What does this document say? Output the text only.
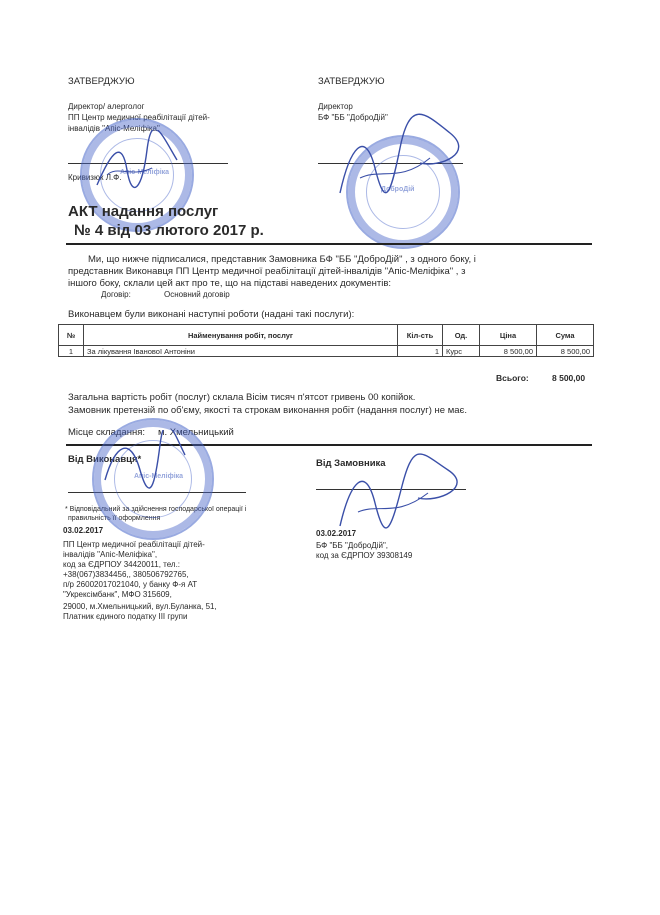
ЗАТВЕРДЖУЮ
Директор/ алерголог
ПП Центр медичної реабілітації дітей-
інвалідів "Апіс-Меліфіка"
Кривизюк Л.Ф.
ЗАТВЕРДЖУЮ
Директор
БФ "ББ "ДоброДій"
Апіс-Меліфіка
ДоброДій
АКТ надання послуг
№ 4 від 03 лютого 2017 р.
Ми, що нижче підписалися, представник Замовника БФ "ББ "ДоброДій" , з одного боку, і
представник Виконавця ПП Центр медичної реабілітації дітей-інвалідів "Апіс-Меліфіка" , з
іншого боку, склали цей акт про те, що на підставі наведених документів:
Договір:	Основний договір
Виконавцем були виконані наступні роботи (надані такі послуги):
№	Найменування робіт, послуг	Кіл-сть	Од.	Ціна	Сума
1	За лікування Іванової Антоніни	1	Курс	8 500,00	8 500,00
Всього:	8 500,00
Загальна вартість робіт (послуг) склала Вісім тисяч п'ятсот гривень 00 копійок.
Замовник претензій по об'єму, якості та строкам виконання робіт (надання послуг) не має.
Місце складання: м. Хмельницький
Від Виконавця*
* Відповідальний за здійснення господарської операції і
правильність її оформлення
03.02.2017
ПП Центр медичної реабілітації дітей-
інвалідів "Апіс-Меліфіка",
код за ЄДРПОУ 34420011, тел.:
+38(067)3834456,, 380506792765,
п/р 26002017021040, у банку Ф-я АТ
"Укрексімбанк", МФО 315609,
29000, м.Хмельницький, вул.Буланка, 51,
Платник єдиного податку ІІІ групи
Від Замовника
03.02.2017
БФ "ББ "ДоброДій",
код за ЄДРПОУ 39308149
Апіс-Меліфіка
